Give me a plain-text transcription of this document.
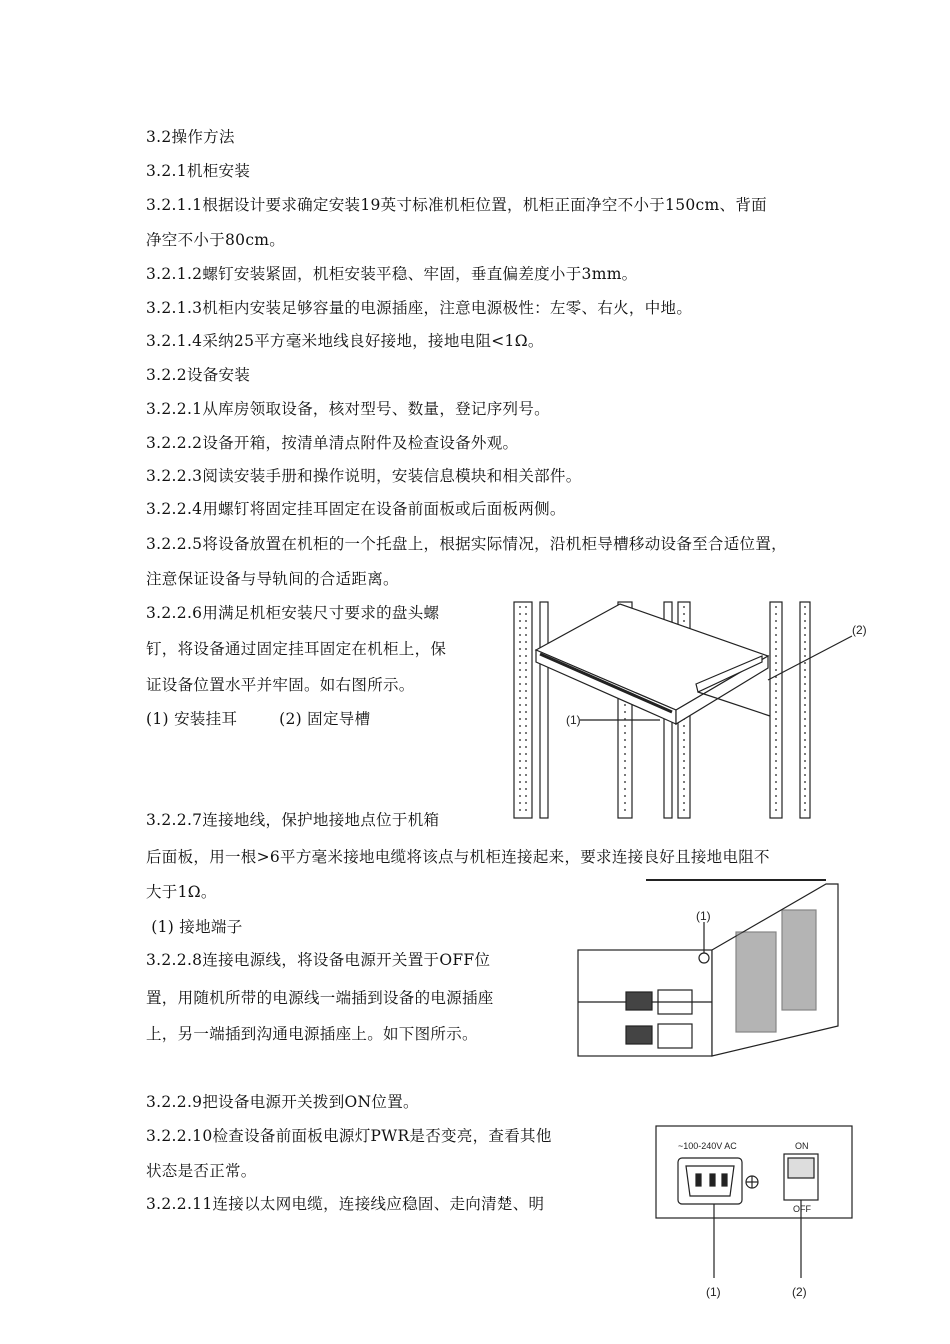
3.2操作方法
3.2.1机柜安装
3.2.1.1根据设计要求确定安装19英寸标准机柜位置，机柜正面净空不小于150cm、背面
净空不小于80cm。
3.2.1.2螺钉安装紧固，机柜安装平稳、牢固，垂直偏差度小于3mm。
3.2.1.3机柜内安装足够容量的电源插座，注意电源极性：左零、右火，中地。
3.2.1.4采纳25平方毫米地线良好接地，接地电阻<1Ω。
3.2.2设备安装
3.2.2.1从库房领取设备，核对型号、数量，登记序列号。
3.2.2.2设备开箱，按清单清点附件及检查设备外观。
3.2.2.3阅读安装手册和操作说明，安装信息模块和相关部件。
3.2.2.4用螺钉将固定挂耳固定在设备前面板或后面板两侧。
3.2.2.5将设备放置在机柜的一个托盘上，根据实际情况，沿机柜导槽移动设备至合适位置，
注意保证设备与导轨间的合适距离。
3.2.2.6用满足机柜安装尺寸要求的盘头螺
钉，将设备通过固定挂耳固定在机柜上，保
证设备位置水平并牢固。如右图所示。
(1) 安装挂耳        (2) 固定导槽
3.2.2.7连接地线，保护地接地点位于机箱
后面板，用一根>6平方毫米接地电缆将该点与机柜连接起来，要求连接良好且接地电阻不
大于1Ω。
(1) 接地端子
3.2.2.8连接电源线，将设备电源开关置于OFF位
置，用随机所带的电源线一端插到设备的电源插座
上，另一端插到沟通电源插座上。如下图所示。
3.2.2.9把设备电源开关拨到ON位置。
3.2.2.10检查设备前面板电源灯PWR是否变亮，查看其他
状态是否正常。
3.2.2.11连接以太网电缆，连接线应稳固、走向清楚、明
(2)
(1)
(1)
~100-240V AC	ON
OFF
(1)	(2)
